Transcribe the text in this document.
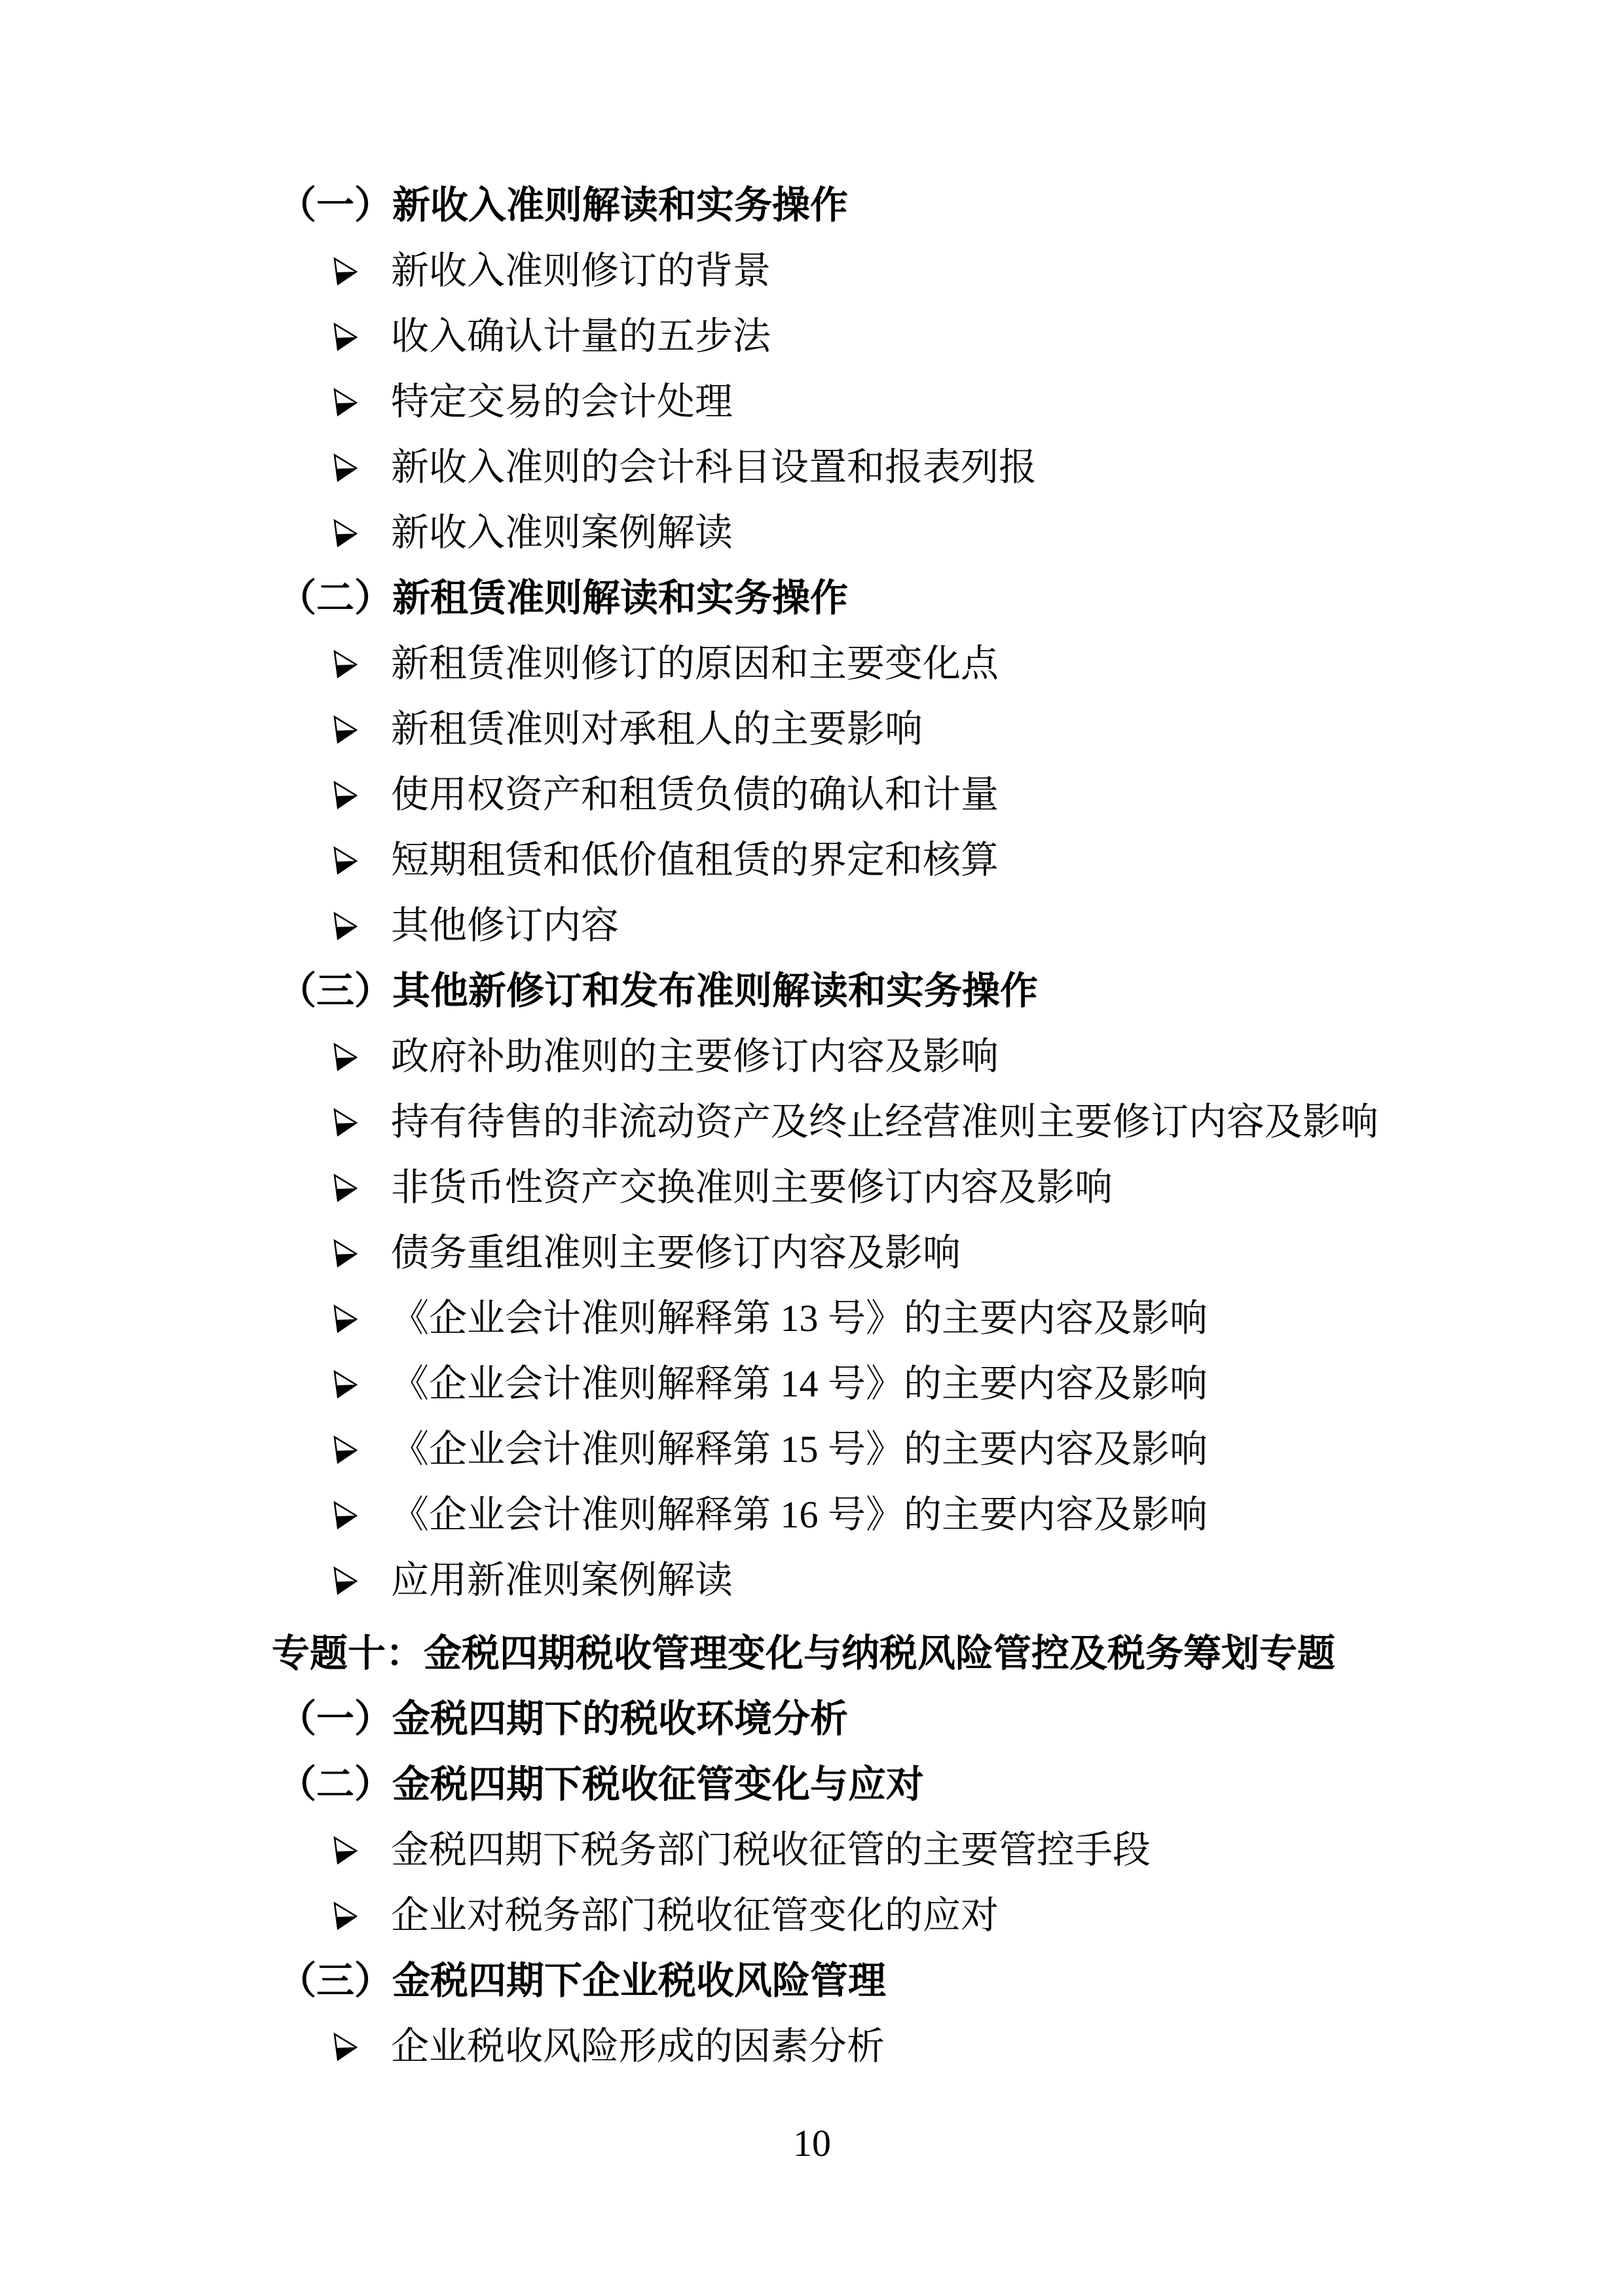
（一）新收入准则解读和实务操作
新收入准则修订的背景
收入确认计量的五步法
特定交易的会计处理
新收入准则的会计科目设置和报表列报
新收入准则案例解读
（二）新租赁准则解读和实务操作
新租赁准则修订的原因和主要变化点
新租赁准则对承租人的主要影响
使用权资产和租赁负债的确认和计量
短期租赁和低价值租赁的界定和核算
其他修订内容
（三）其他新修订和发布准则解读和实务操作
政府补助准则的主要修订内容及影响
持有待售的非流动资产及终止经营准则主要修订内容及影响
非货币性资产交换准则主要修订内容及影响
债务重组准则主要修订内容及影响
《企业会计准则解释第 13 号》的主要内容及影响
《企业会计准则解释第 14 号》的主要内容及影响
《企业会计准则解释第 15 号》的主要内容及影响
《企业会计准则解释第 16 号》的主要内容及影响
应用新准则案例解读
专题十：金税四期税收管理变化与纳税风险管控及税务筹划专题
（一）金税四期下的税收环境分析
（二）金税四期下税收征管变化与应对
金税四期下税务部门税收征管的主要管控手段
企业对税务部门税收征管变化的应对
（三）金税四期下企业税收风险管理
企业税收风险形成的因素分析
10
